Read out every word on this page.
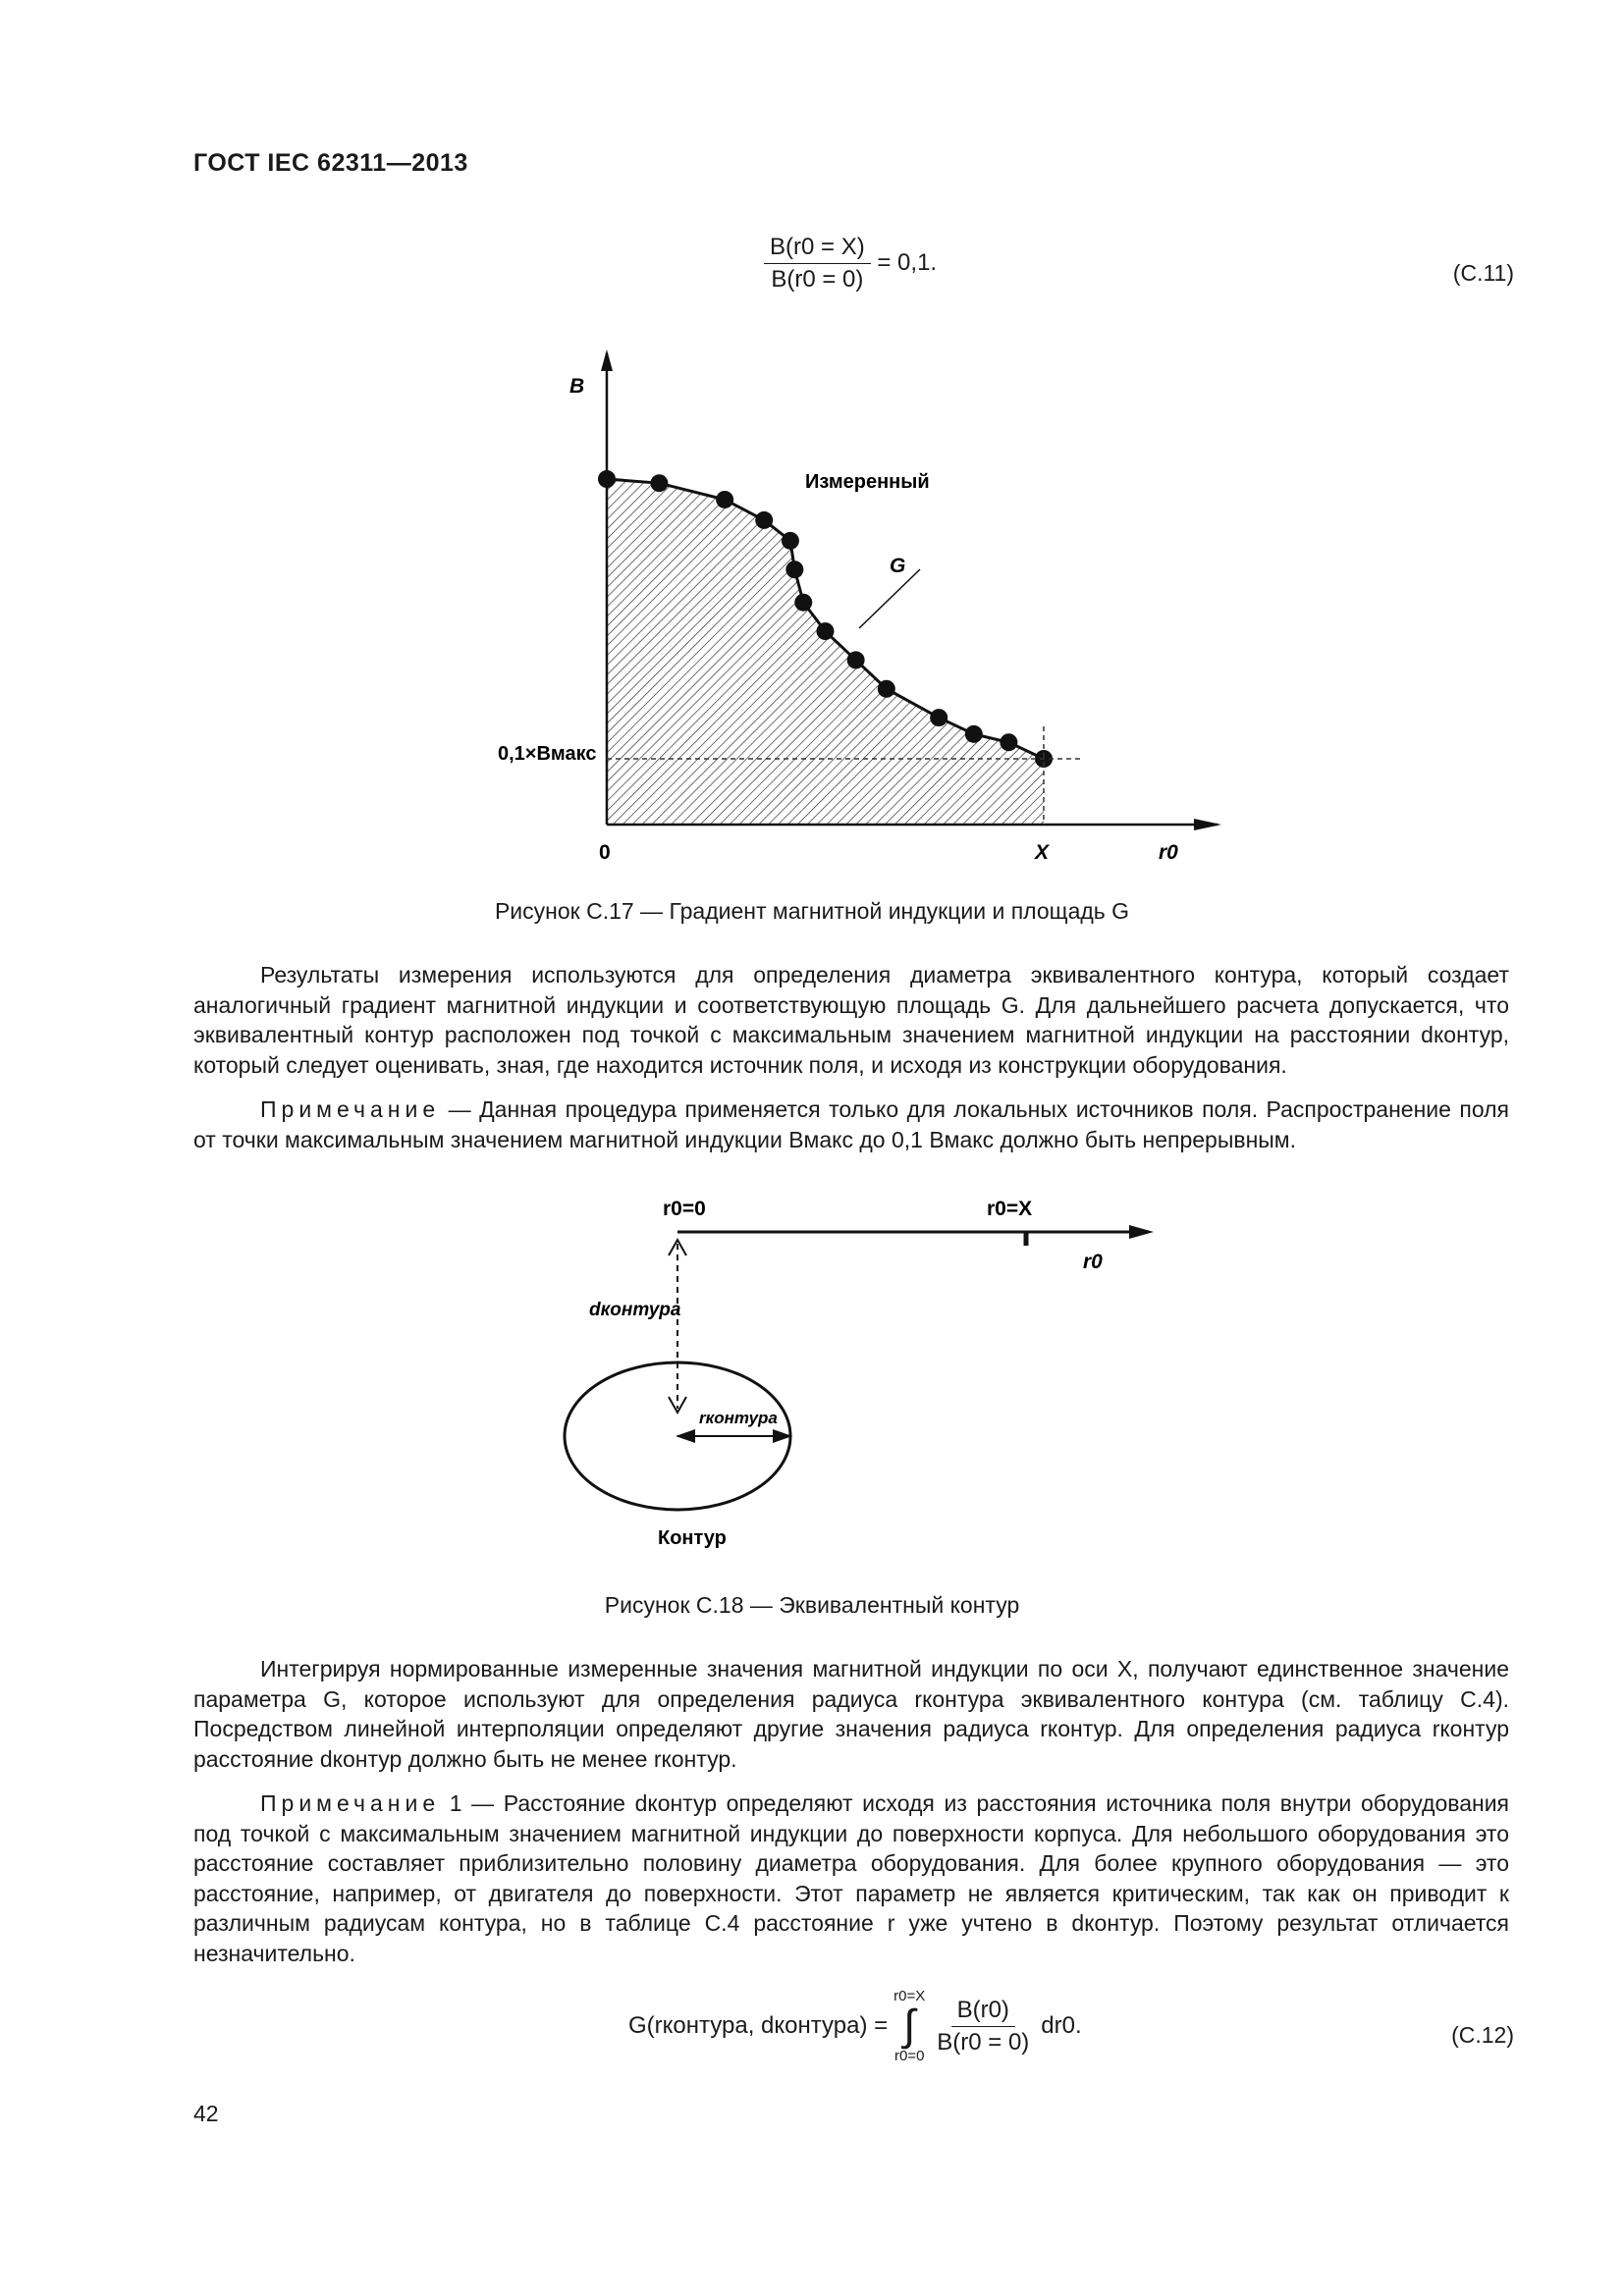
ГОСТ IEC 62311—2013
$\frac{B(r0 = X)}{B(r0 = 0)} = 0,1$.	(С.11)
B
r0
0	X
0,1×Bмакс
Измеренный
G
Рисунок С.17 — Градиент магнитной индукции и площадь G
Результаты измерения используются для определения диаметра эквивалентного контура, который создает аналогичный градиент магнитной индукции и соответствующую площадь G. Для дальнейшего расчета допускается, что эквивалентный контур расположен под точкой с максимальным значением магнитной индукции на расстоянии dконтур, который следует оценивать, зная, где находится источник поля, и исходя из конструкции оборудования.
Примечание — Данная процедура применяется только для локальных источников поля. Распространение поля от точки максимальным значением магнитной индукции Bмакс до 0,1 Bмакс должно быть непрерывным.
r0=0	r0=X
r0
dконтура
rконтура
Контур
Рисунок С.18 — Эквивалентный контур
Интегрируя нормированные измеренные значения магнитной индукции по оси X, получают единственное значение параметра G, которое используют для определения радиуса rконтура эквивалентного контура (см. таблицу С.4). Посредством линейной интерполяции определяют другие значения радиуса rконтур. Для определения радиуса rконтур расстояние dконтур должно быть не менее rконтур.
Примечание 1 — Расстояние dконтур определяют исходя из расстояния источника поля внутри оборудования под точкой с максимальным значением магнитной индукции до поверхности корпуса. Для небольшого оборудования это расстояние составляет приблизительно половину диаметра оборудования. Для более крупного оборудования — это расстояние, например, от двигателя до поверхности. Этот параметр не является критическим, так как он приводит к различным радиусам контура, но в таблице С.4 расстояние r уже учтено в dконтур. Поэтому результат отличается незначительно.
G(rконтура, dконтура) =
r0=X
∫
$r0=0 \frac{B(r0)}{B(r0 = 0)} dr0$.	(С.12)
42
